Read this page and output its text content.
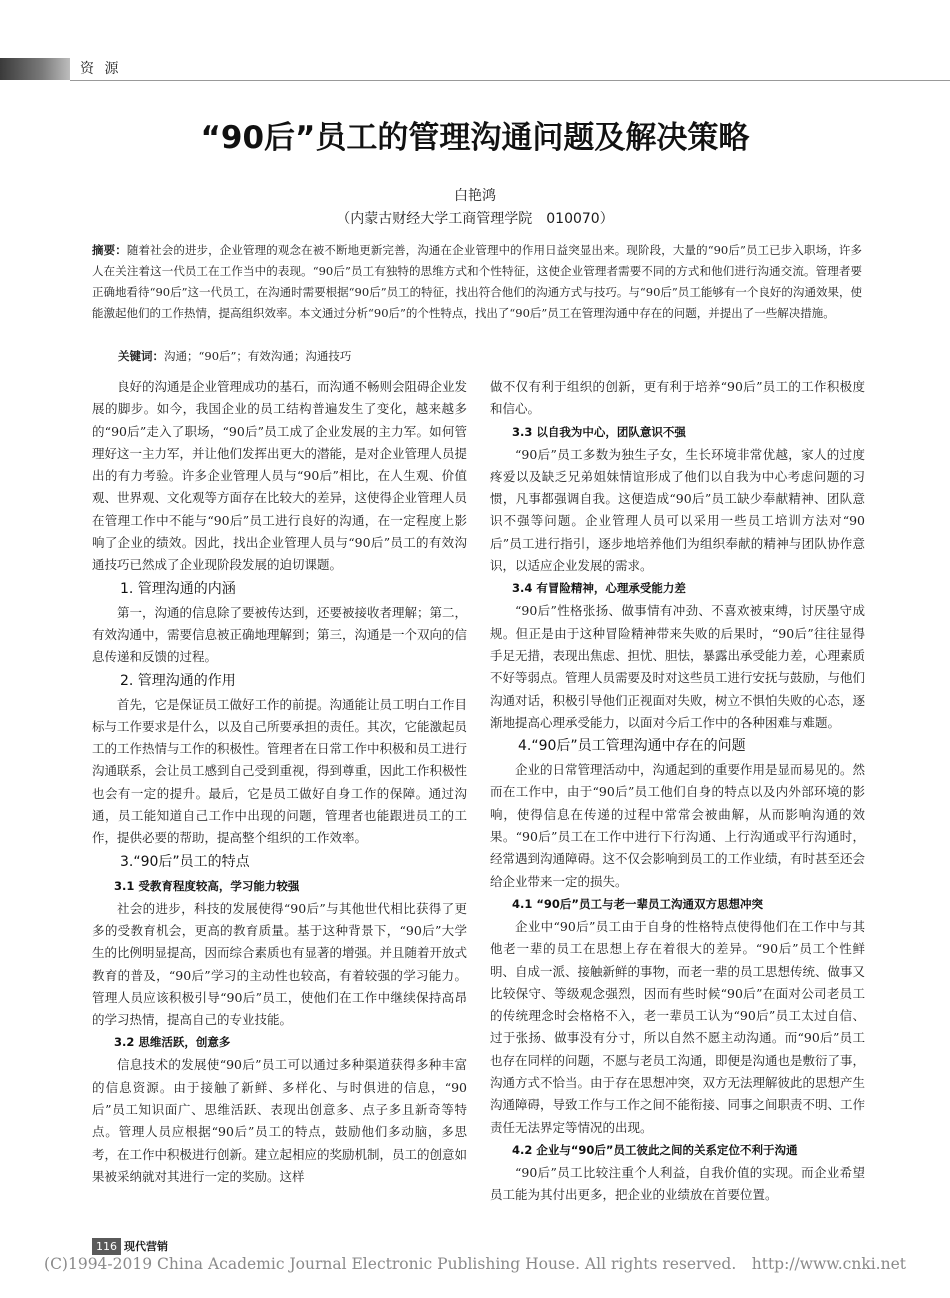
资 源
“90后”员工的管理沟通问题及解决策略
白艳鸿
（内蒙古财经大学工商管理学院　010070）
摘要：随着社会的进步，企业管理的观念在被不断地更新完善，沟通在企业管理中的作用日益突显出来。现阶段，大量的“90后”员工已步入职场，许多人在关注着这一代员工在工作当中的表现。“90后”员工有独特的思维方式和个性特征，这使企业管理者需要不同的方式和他们进行沟通交流。管理者要正确地看待“90后”这一代员工，在沟通时需要根据“90后”员工的特征，找出符合他们的沟通方式与技巧。与“90后”员工能够有一个良好的沟通效果，使能激起他们的工作热情，提高组织效率。本文通过分析“90后”的个性特点，找出了“90后”员工在管理沟通中存在的问题，并提出了一些解决措施。
关键词：沟通；“90后”；有效沟通；沟通技巧

良好的沟通是企业管理成功的基石，而沟通不畅则会阻碍企业发展的脚步。如今，我国企业的员工结构普遍发生了变化，越来越多的“90后”走入了职场，“90后”员工成了企业发展的主力军。如何管理好这一主力军，并让他们发挥出更大的潜能，是对企业管理人员提出的有力考验。许多企业管理人员与“90后”相比，在人生观、价值观、世界观、文化观等方面存在比较大的差异，这使得企业管理人员在管理工作中不能与“90后”员工进行良好的沟通，在一定程度上影响了企业的绩效。因此，找出企业管理人员与“90后”员工的有效沟通技巧已然成了企业现阶段发展的迫切课题。

1. 管理沟通的内涵

第一，沟通的信息除了要被传达到，还要被接收者理解；第二，有效沟通中，需要信息被正确地理解到；第三，沟通是一个双向的信息传递和反馈的过程。

2. 管理沟通的作用

首先，它是保证员工做好工作的前提。沟通能让员工明白工作目标与工作要求是什么，以及自己所要承担的责任。其次，它能激起员工的工作热情与工作的积极性。管理者在日常工作中积极和员工进行沟通联系，会让员工感到自己受到重视，得到尊重，因此工作积极性也会有一定的提升。最后，它是员工做好自身工作的保障。通过沟通，员工能知道自己工作中出现的问题，管理者也能跟进员工的工作，提供必要的帮助，提高整个组织的工作效率。

3.“90后”员工的特点
3.1 受教育程度较高，学习能力较强

社会的进步，科技的发展使得“90后”与其他世代相比获得了更多的受教育机会，更高的教育质量。基于这种背景下，“90后”大学生的比例明显提高，因而综合素质也有显著的增强。并且随着开放式教育的普及，“90后”学习的主动性也较高，有着较强的学习能力。管理人员应该积极引导“90后”员工，使他们在工作中继续保持高昂的学习热情，提高自己的专业技能。

3.2 思维活跃，创意多

信息技术的发展使“90后”员工可以通过多种渠道获得多种丰富的信息资源。由于接触了新鲜、多样化、与时俱进的信息，“90后”员工知识面广、思维活跃、表现出创意多、点子多且新奇等特点。管理人员应根据“90后”员工的特点，鼓励他们多动脑，多思考，在工作中积极进行创新。建立起相应的奖励机制，员工的创意如果被采纳就对其进行一定的奖励。这样

做不仅有利于组织的创新，更有利于培养“90后”员工的工作积极度和信心。

3.3 以自我为中心，团队意识不强

“90后”员工多数为独生子女，生长环境非常优越，家人的过度疼爱以及缺乏兄弟姐妹情谊形成了他们以自我为中心考虑问题的习惯，凡事都强调自我。这便造成“90后”员工缺少奉献精神、团队意识不强等问题。企业管理人员可以采用一些员工培训方法对“90后”员工进行指引，逐步地培养他们为组织奉献的精神与团队协作意识，以适应企业发展的需求。

3.4 有冒险精神，心理承受能力差

“90后”性格张扬、做事情有冲劲、不喜欢被束缚，讨厌墨守成规。但正是由于这种冒险精神带来失败的后果时，“90后”往往显得手足无措，表现出焦虑、担忧、胆怯，暴露出承受能力差，心理素质不好等弱点。管理人员需要及时对这些员工进行安抚与鼓励，与他们沟通对话，积极引导他们正视面对失败，树立不惧怕失败的心态，逐渐地提高心理承受能力，以面对今后工作中的各种困难与难题。

4.“90后”员工管理沟通中存在的问题

企业的日常管理活动中，沟通起到的重要作用是显而易见的。然而在工作中，由于“90后”员工他们自身的特点以及内外部环境的影响，使得信息在传递的过程中常常会被曲解，从而影响沟通的效果。“90后”员工在工作中进行下行沟通、上行沟通或平行沟通时，经常遇到沟通障碍。这不仅会影响到员工的工作业绩，有时甚至还会给企业带来一定的损失。

4.1 “90后”员工与老一辈员工沟通双方思想冲突

企业中“90后”员工由于自身的性格特点使得他们在工作中与其他老一辈的员工在思想上存在着很大的差异。“90后”员工个性鲜明、自成一派、接触新鲜的事物，而老一辈的员工思想传统、做事又比较保守、等级观念强烈，因而有些时候“90后”在面对公司老员工的传统理念时会格格不入，老一辈员工认为“90后”员工太过自信、过于张扬、做事没有分寸，所以自然不愿主动沟通。而“90后”员工也存在同样的问题，不愿与老员工沟通，即便是沟通也是敷衍了事，沟通方式不恰当。由于存在思想冲突，双方无法理解彼此的思想产生沟通障碍，导致工作与工作之间不能衔接、同事之间职责不明、工作责任无法界定等情况的出现。

4.2 企业与“90后”员工彼此之间的关系定位不利于沟通

“90后”员工比较注重个人利益，自我价值的实现。而企业希望员工能为其付出更多，把企业的业绩放在首要位置。

116 现代营销
(C)1994-2019 China Academic Journal Electronic Publishing House. All rights reserved.　http://www.cnki.net
